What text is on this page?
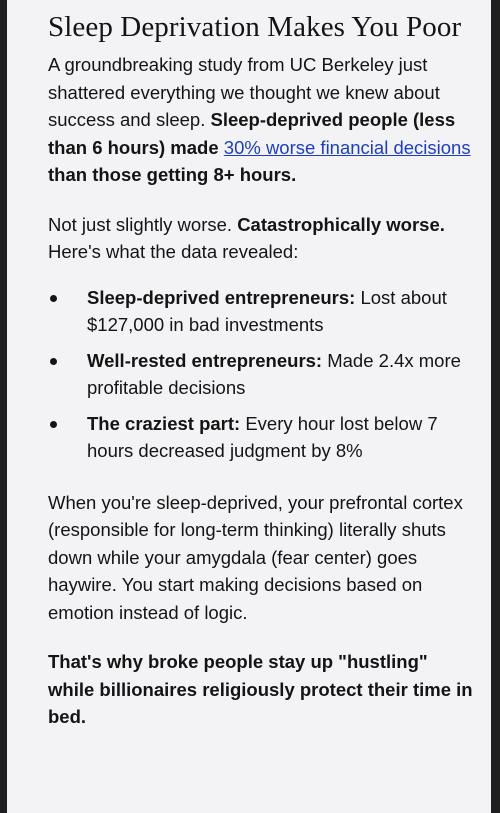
Sleep Deprivation Makes You Poor

A groundbreaking study from UC Berkeley just shattered everything we thought we knew about success and sleep. Sleep-deprived people (less than 6 hours) made 30% worse financial decisions than those getting 8+ hours.

Not just slightly worse. Catastrophically worse. Here's what the data revealed:

Sleep-deprived entrepreneurs: Lost about $127,000 in bad investments
Well-rested entrepreneurs: Made 2.4x more profitable decisions
The craziest part: Every hour lost below 7 hours decreased judgment by 8%

When you're sleep-deprived, your prefrontal cortex (responsible for long-term thinking) literally shuts down while your amygdala (fear center) goes haywire. You start making decisions based on emotion instead of logic.

That's why broke people stay up "hustling" while billionaires religiously protect their time in bed.
